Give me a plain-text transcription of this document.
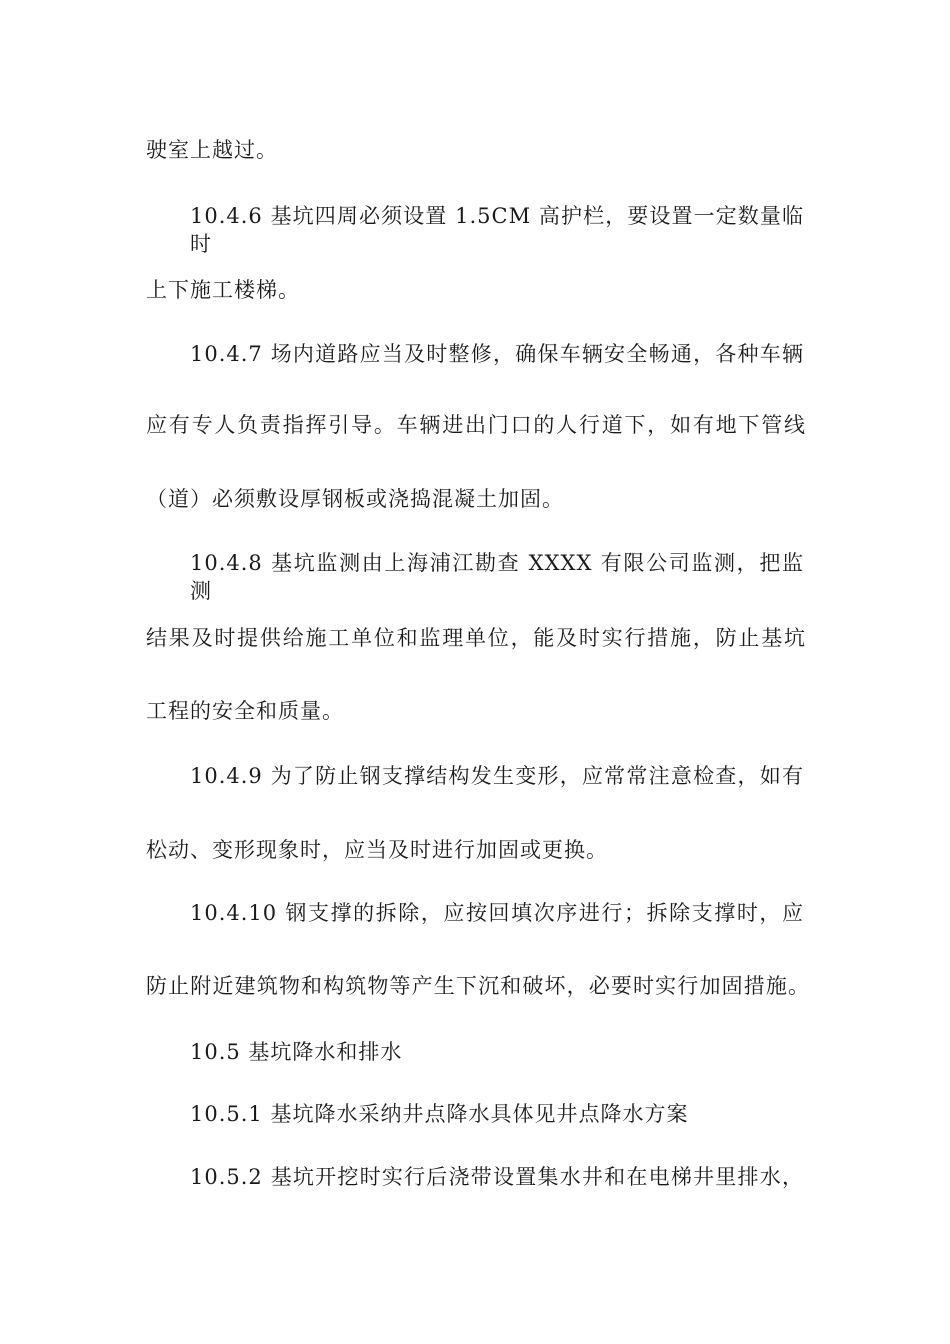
驶室上越过。
10.4.6 基坑四周必须设置 1.5CM 高护栏，要设置一定数量临时
上下施工楼梯。
10.4.7 场内道路应当及时整修，确保车辆安全畅通，各种车辆
应有专人负责指挥引导。车辆进出门口的人行道下，如有地下管线
（道）必须敷设厚钢板或浇捣混凝土加固。
10.4.8 基坑监测由上海浦江勘查 XXXX 有限公司监测，把监测
结果及时提供给施工单位和监理单位，能及时实行措施，防止基坑
工程的安全和质量。
10.4.9 为了防止钢支撑结构发生变形，应常常注意检查，如有
松动、变形现象时，应当及时进行加固或更换。
10.4.10 钢支撑的拆除，应按回填次序进行；拆除支撑时，应
防止附近建筑物和构筑物等产生下沉和破坏，必要时实行加固措施。
10.5 基坑降水和排水
10.5.1 基坑降水采纳井点降水具体见井点降水方案
10.5.2 基坑开挖时实行后浇带设置集水井和在电梯井里排水，
